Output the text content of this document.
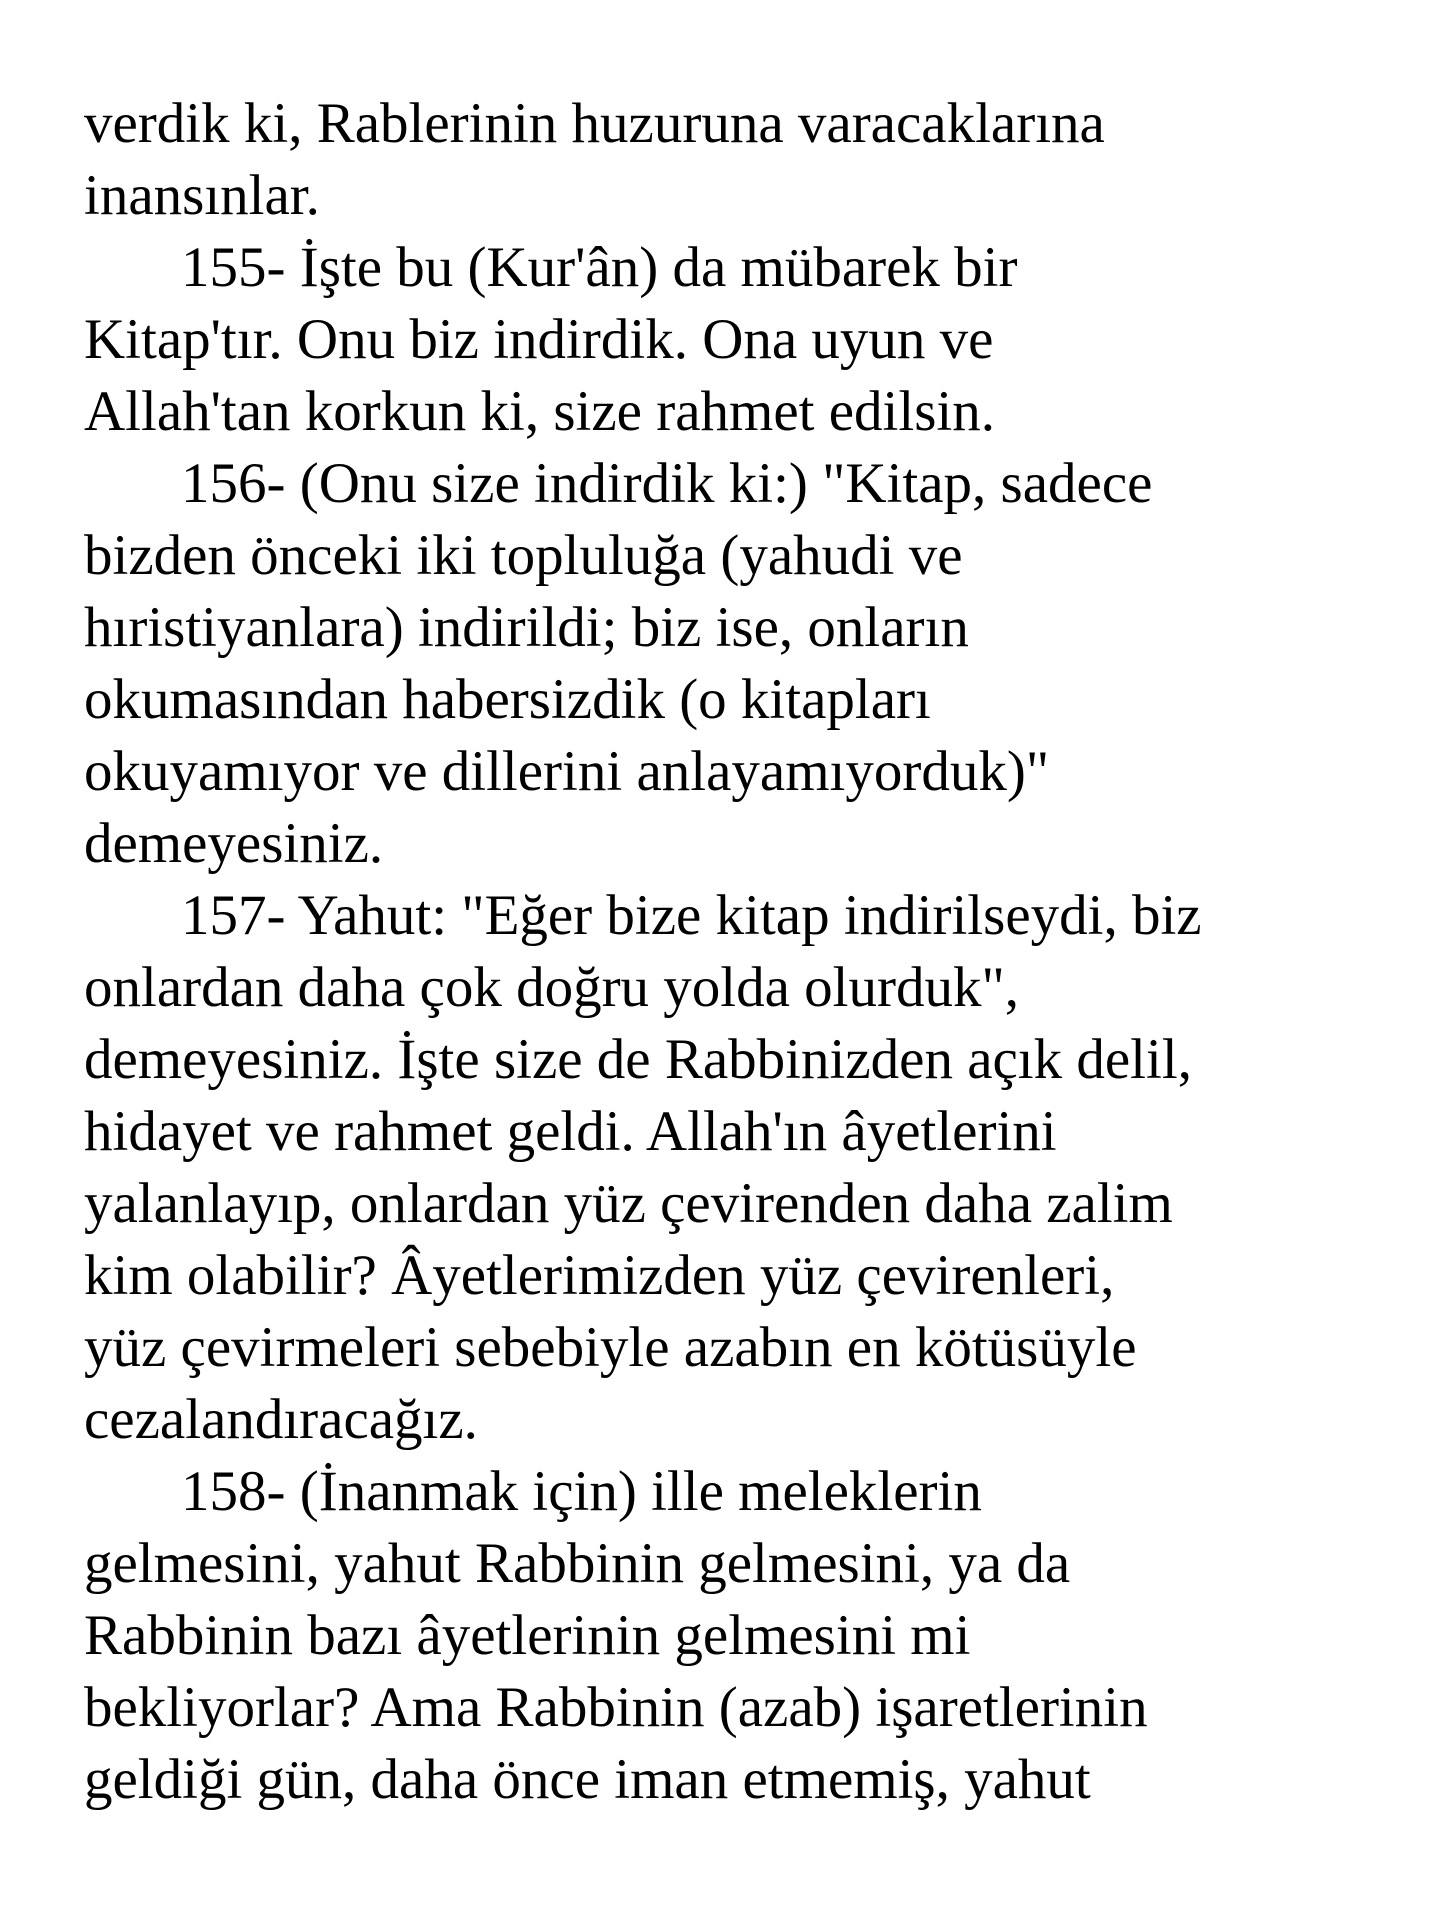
verdik ki, Rablerinin huzuruna varacaklarına
inansınlar.
155- İşte bu (Kur'ân) da mübarek bir
Kitap'tır. Onu biz indirdik. Ona uyun ve
Allah'tan korkun ki, size rahmet edilsin.
156- (Onu size indirdik ki:) "Kitap, sadece
bizden önceki iki topluluğa (yahudi ve
hıristiyanlara) indirildi; biz ise, onların
okumasından habersizdik (o kitapları
okuyamıyor ve dillerini anlayamıyorduk)"
demeyesiniz.
157- Yahut: "Eğer bize kitap indirilseydi, biz
onlardan daha çok doğru yolda olurduk",
demeyesiniz. İşte size de Rabbinizden açık delil,
hidayet ve rahmet geldi. Allah'ın âyetlerini
yalanlayıp, onlardan yüz çevirenden daha zalim
kim olabilir? Âyetlerimizden yüz çevirenleri,
yüz çevirmeleri sebebiyle azabın en kötüsüyle
cezalandıracağız.
158- (İnanmak için) ille meleklerin
gelmesini, yahut Rabbinin gelmesini, ya da
Rabbinin bazı âyetlerinin gelmesini mi
bekliyorlar? Ama Rabbinin (azab) işaretlerinin
geldiği gün, daha önce iman etmemiş, yahut
